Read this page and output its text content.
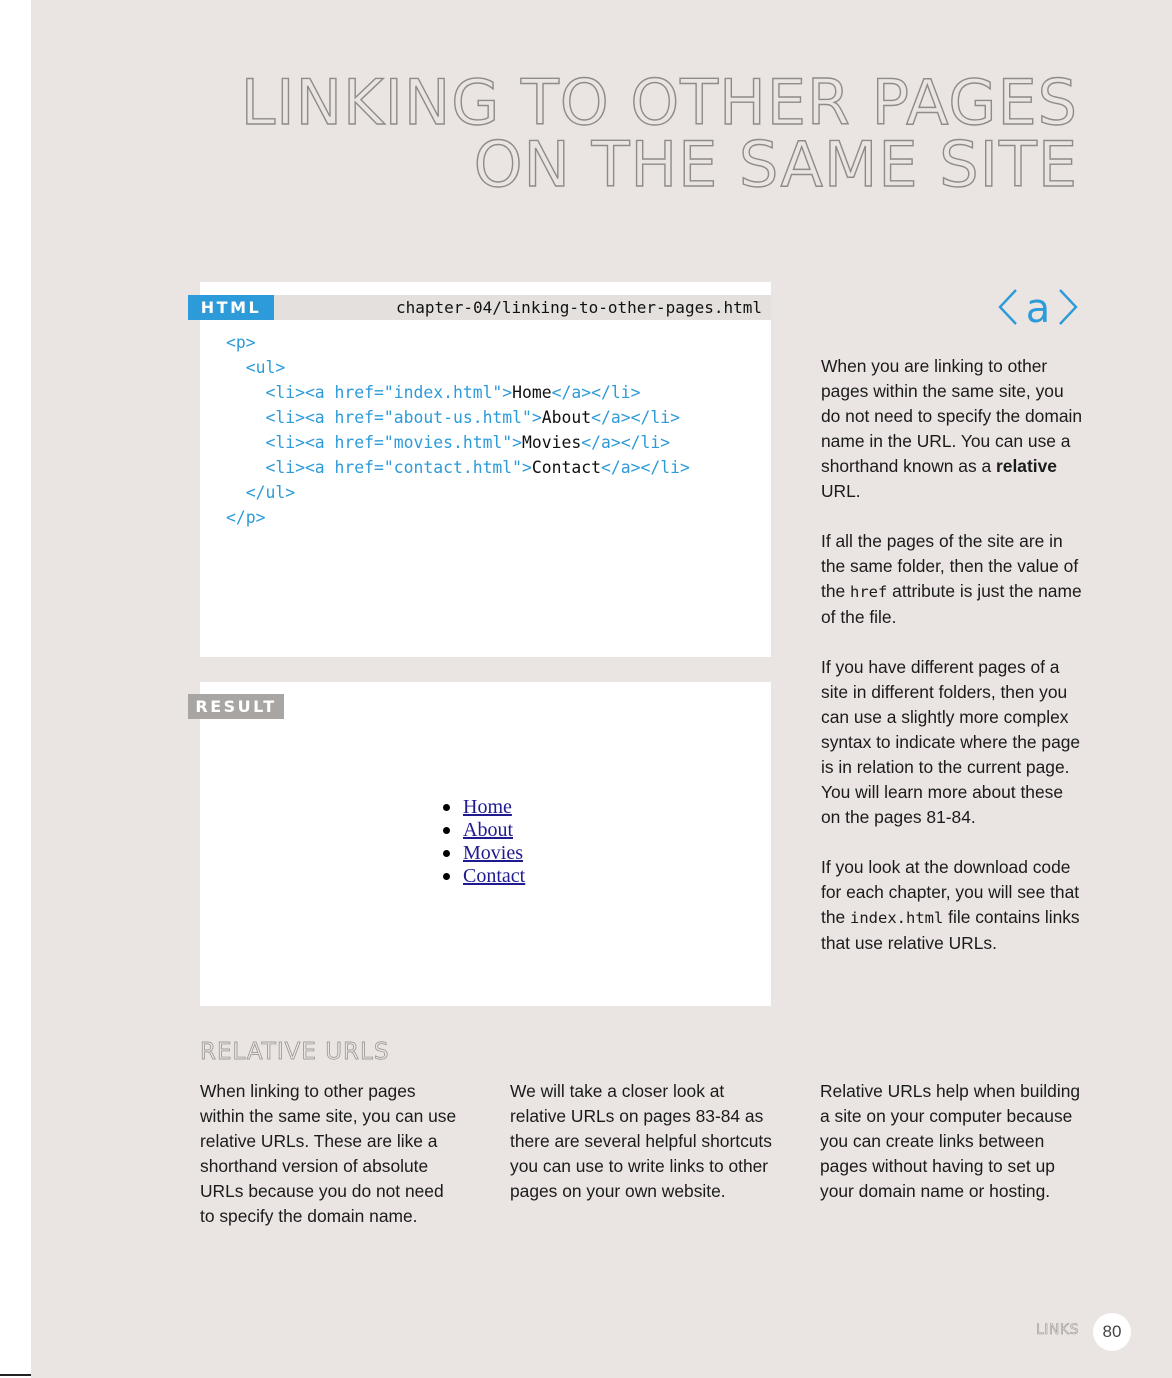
LINKING TO OTHER PAGES
ON THE SAME SITE
chapter-04/linking-to-other-pages.html
<p>
<ul>
<li><a href="index.html">Home</a></li>
<li><a href="about-us.html">About</a></li>
<li><a href="movies.html">Movies</a></li>
<li><a href="contact.html">Contact</a></li>
</ul>
</p>
HTML
Home
About
Movies
Contact
RESULT
a

When you are linking to other pages within the same site, you do not need to specify the domain name in the URL. You can use a shorthand known as a relative URL.

If all the pages of the site are in the same folder, then the value of the href attribute is just the name of the file.

If you have different pages of a site in different folders, then you can use a slightly more complex syntax to indicate where the page is in relation to the current page. You will learn more about these on the pages 81-84.

If you look at the download code for each chapter, you will see that the index.html file contains links that use relative URLs.

RELATIVE URLS

When linking to other pages within the same site, you can use relative URLs. These are like a shorthand version of absolute URLs because you do not need to specify the domain name.

We will take a closer look at relative URLs on pages 83-84 as there are several helpful shortcuts you can use to write links to other pages on your own website.

Relative URLs help when building a site on your computer because you can create links between pages without having to set up your domain name or hosting.

LINKS	80
